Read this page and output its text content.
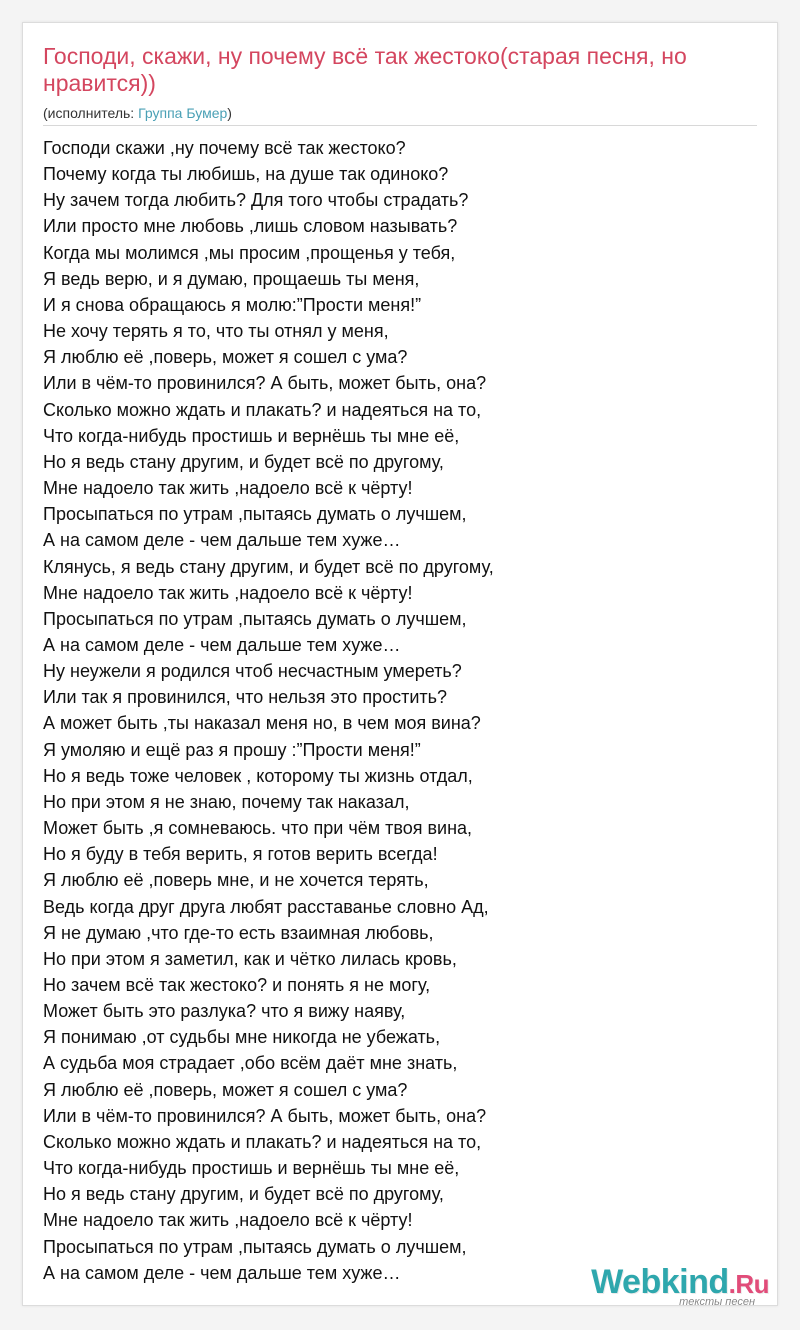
Господи, скажи, ну почему всё так жестоко(старая песня, но нравится))
(исполнитель: Группа Бумер)
Господи скажи ,ну почему всё так жестоко?
Почему когда ты любишь, на душе так одиноко?
Ну зачем тогда любить? Для того чтобы страдать?
Или просто мне любовь ,лишь словом называть?
Когда мы молимся ,мы просим ,прощенья у тебя,
Я ведь верю, и я думаю, прощаешь ты меня,
И я снова обращаюсь я молю:”Прости меня!”
Не хочу терять я то, что ты отнял у меня,
Я люблю её ,поверь, может я сошел с ума?
Или в чём-то провинился? А быть, может быть, она?
Сколько можно ждать и плакать? и надеяться на то,
Что когда-нибудь простишь и вернёшь ты мне её,
Но я ведь стану другим, и будет всё по другому,
Мне надоело так жить ,надоело всё к чёрту!
Просыпаться по утрам ,пытаясь думать о лучшем,
А на самом деле - чем дальше тем хуже…
Клянусь, я ведь стану другим, и будет всё по другому,
Мне надоело так жить ,надоело всё к чёрту!
Просыпаться по утрам ,пытаясь думать о лучшем,
А на самом деле - чем дальше тем хуже…
Ну неужели я родился чтоб несчастным умереть?
Или так я провинился, что нельзя это простить?
А может быть ,ты наказал меня но, в чем моя вина?
Я умоляю и ещё раз я прошу :”Прости меня!”
Но я ведь тоже человек , которому ты жизнь отдал,
Но при этом я не знаю, почему так наказал,
Может быть ,я сомневаюсь. что при чём твоя вина,
Но я буду в тебя верить, я готов верить всегда!
Я люблю её ,поверь мне, и не хочется терять,
Ведь когда друг друга любят расставанье словно Ад,
Я не думаю ,что где-то есть взаимная любовь,
Но при этом я заметил, как и чётко лилась кровь,
Но зачем всё так жестоко? и понять я не могу,
Может быть это разлука? что я вижу наяву,
Я понимаю ,от судьбы мне никогда не убежать,
А судьба моя страдает ,обо всём даёт мне знать,
Я люблю её ,поверь, может я сошел с ума?
Или в чём-то провинился? А быть, может быть, она?
Сколько можно ждать и плакать? и надеяться на то,
Что когда-нибудь простишь и вернёшь ты мне её,
Но я ведь стану другим, и будет всё по другому,
Мне надоело так жить ,надоело всё к чёрту!
Просыпаться по утрам ,пытаясь думать о лучшем,
А на самом деле - чем дальше тем хуже…	Webkind.Ru
тексты песен
